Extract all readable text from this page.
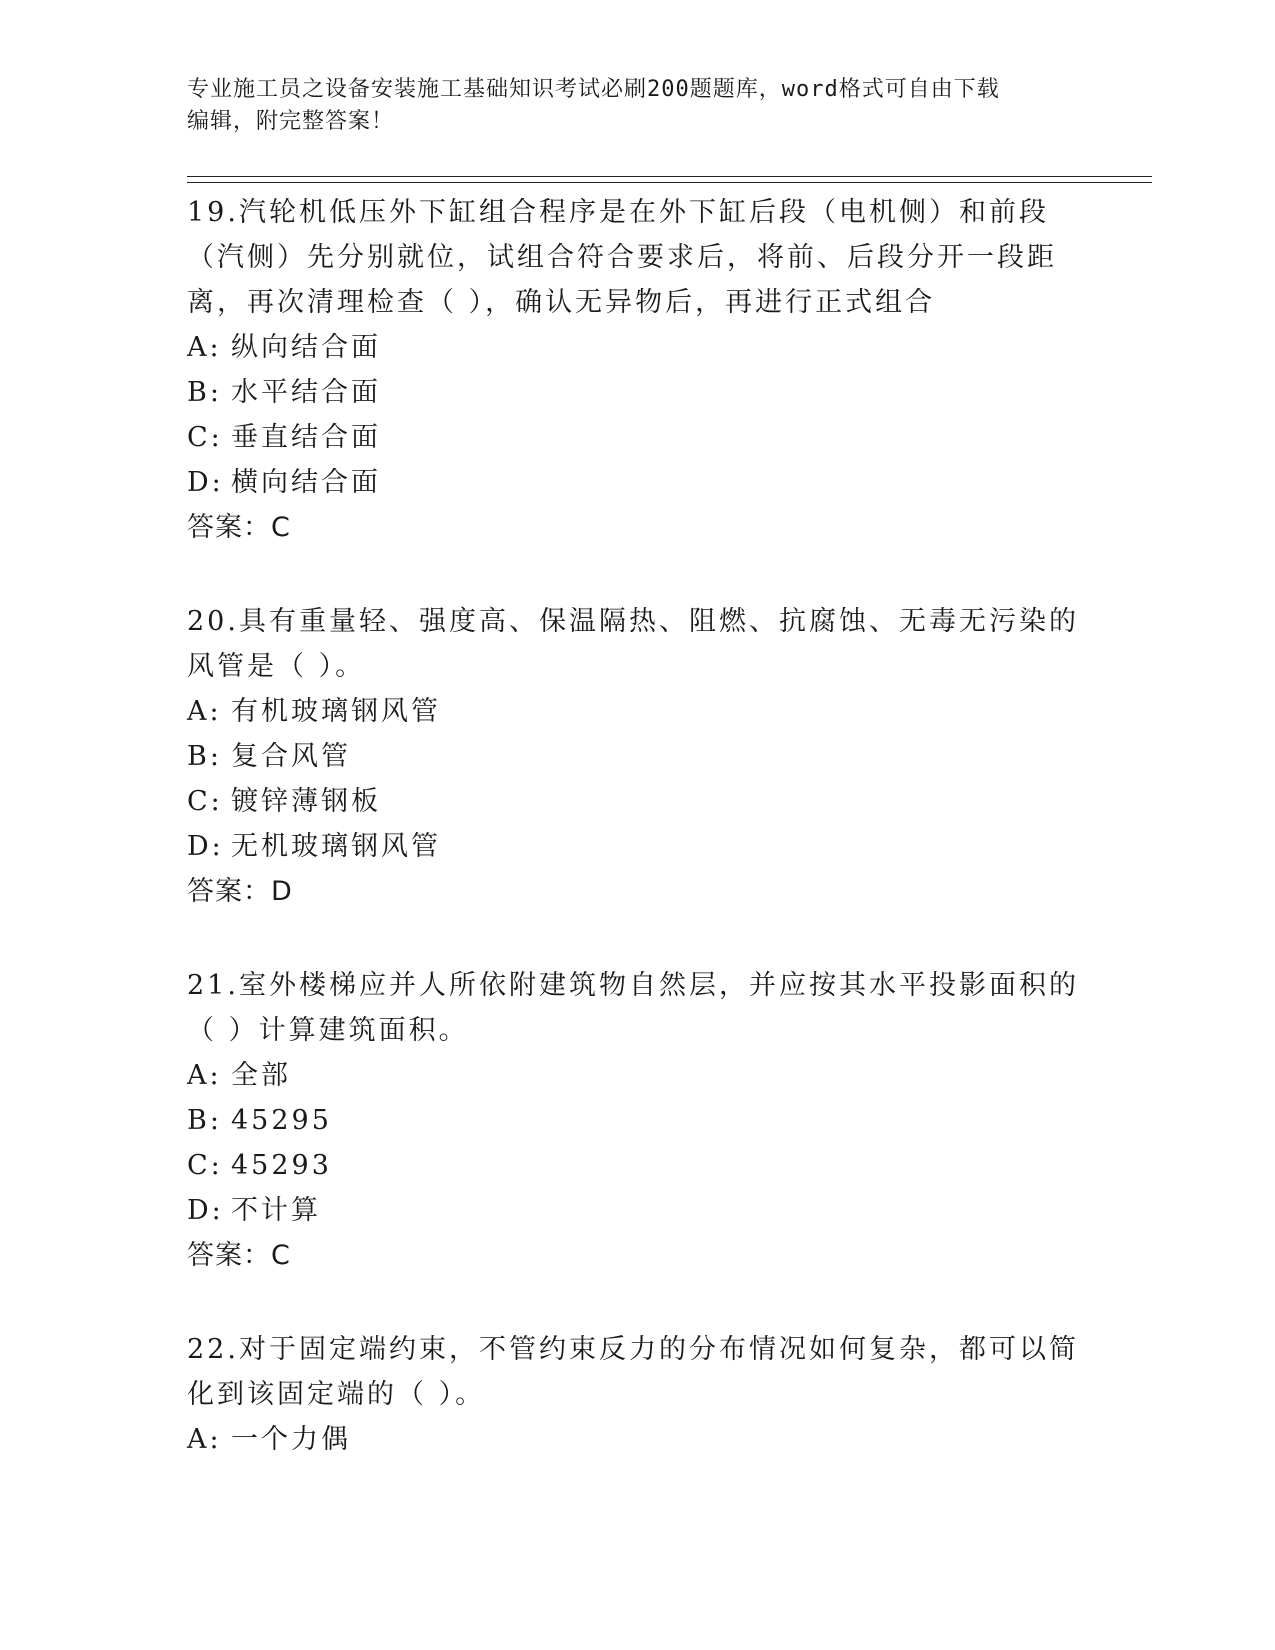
专业施工员之设备安装施工基础知识考试必刷200题题库，word格式可自由下载
编辑，附完整答案！

19.汽轮机低压外下缸组合程序是在外下缸后段（电机侧）和前段（汽侧）先分别就位，试组合符合要求后，将前、后段分开一段距离，再次清理检查（ ），确认无异物后，再进行正式组合

A: 纵向结合面
B: 水平结合面
C: 垂直结合面
D: 横向结合面

答案：C

20.具有重量轻、强度高、保温隔热、阻燃、抗腐蚀、无毒无污染的风管是（ ）。

A: 有机玻璃钢风管
B: 复合风管
C: 镀锌薄钢板
D: 无机玻璃钢风管

答案：D

21.室外楼梯应并人所依附建筑物自然层，并应按其水平投影面积的（ ）计算建筑面积。

A: 全部
B: 45295
C: 45293
D: 不计算

答案：C

22.对于固定端约束，不管约束反力的分布情况如何复杂，都可以简化到该固定端的（ ）。

A: 一个力偶
